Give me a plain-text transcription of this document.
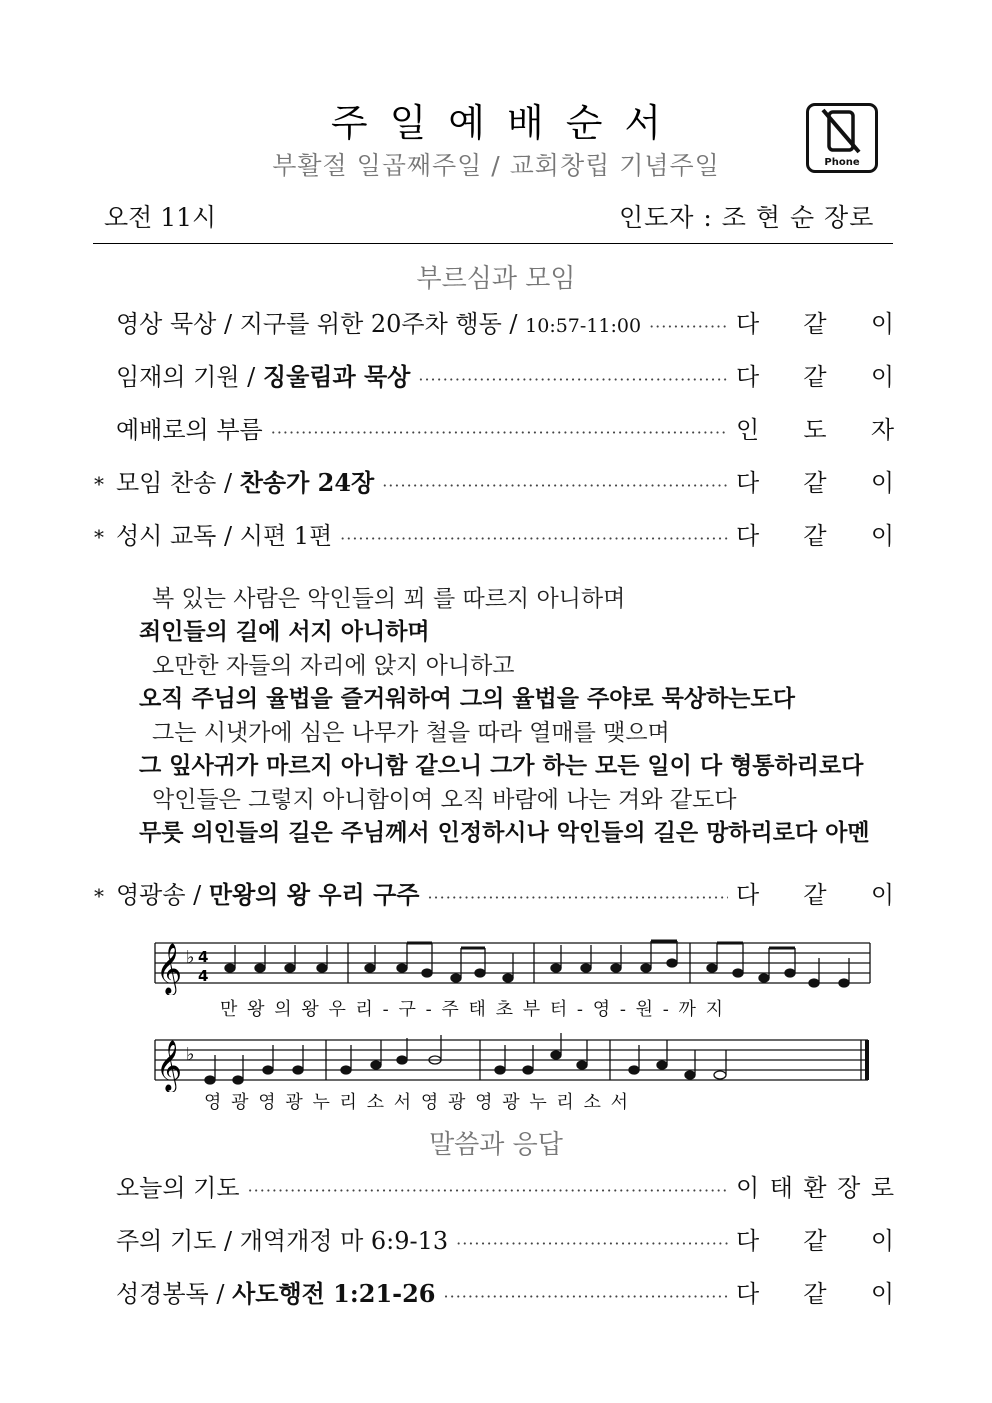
주일예배순서
부활절 일곱째주일 / 교회창립 기념주일	Phone
오전 11시	인도자 : 조 현 순 장로
부르심과 모임
영상 묵상 / 지구를 위한 20주차 행동 / 10:57-11:00 ·····	다 같 이
임재의 기원 / 징울림과 묵상 ·····	다 같 이
예배로의 부름 ·····	인 도 자
* 모임 찬송 / 찬송가 24장 ·····	다 같 이
* 성시 교독 / 시편 1편 ·····	다 같 이
복 있는 사람은 악인들의 꾀 를 따르지 아니하며
죄인들의 길에 서지 아니하며
오만한 자들의 자리에 앉지 아니하고
오직 주님의 율법을 즐거워하여 그의 율법을 주야로 묵상하는도다
그는 시냇가에 심은 나무가 철을 따라 열매를 맺으며
그 잎사귀가 마르지 아니함 같으니 그가 하는 모든 일이 다 형통하리로다
악인들은 그렇지 아니함이여 오직 바람에 나는 겨와 같도다
무릇 의인들의 길은 주님께서 인정하시나 악인들의 길은 망하리로다 아멘
* 영광송 / 만왕의 왕 우리 구주 ·····	다 같 이
𝄞 ♭ 4
4
만 왕 의 왕 우 리 - 구 - 주 태 초 부 터 - 영 - 원 - 까 지
𝄞 ♭
영 광 영 광 누 리 소 서 영 광 영 광 누 리 소 서
말씀과 응답
오늘의 기도 ·····	이 태 환 장 로
주의 기도 / 개역개정 마 6:9-13 ·····	다 같 이
성경봉독 / 사도행전 1:21-26 ·····	다 같 이
